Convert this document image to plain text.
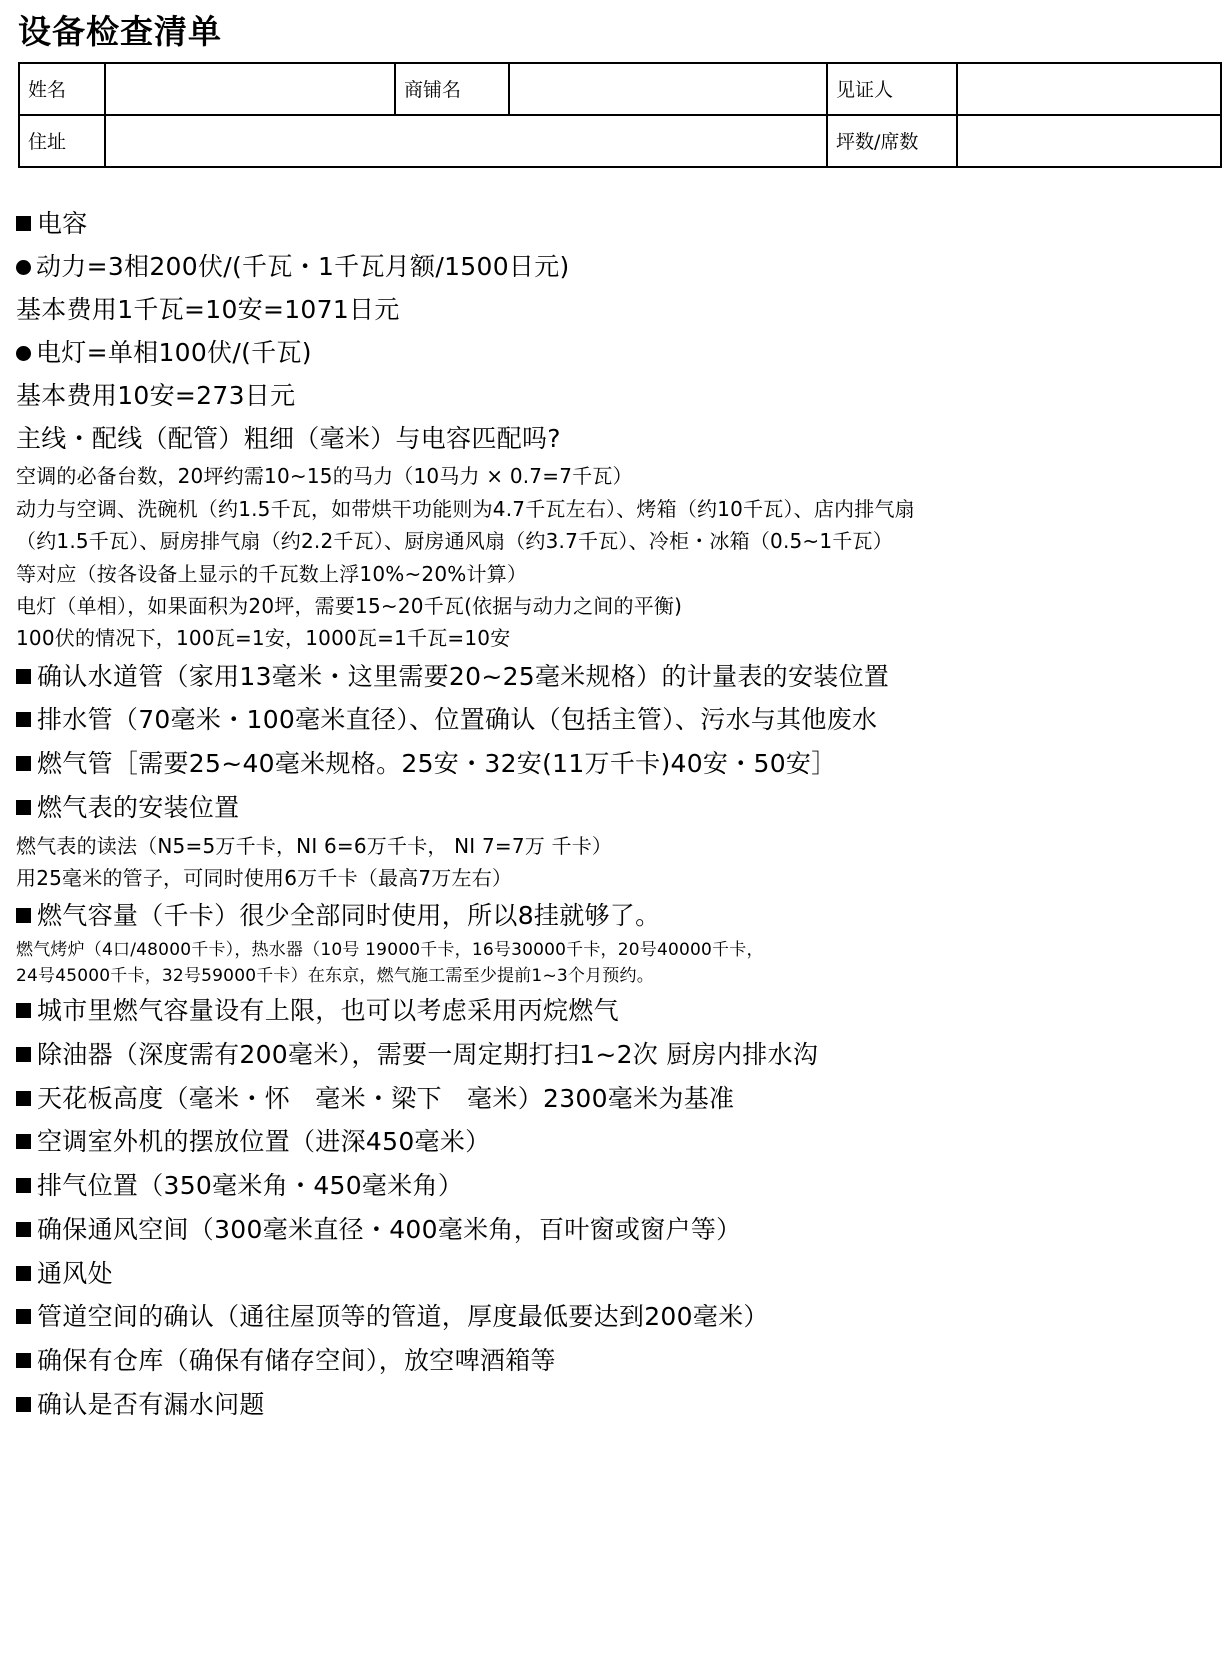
设备检查清单
姓名		商铺名		见证人	
住址				坪数/席数	
电容
动力=3相200伏/(千瓦・1千瓦月额/1500日元)
基本费用1千瓦=10安=1071日元
电灯=单相100伏/(千瓦)
基本费用10安=273日元
主线・配线（配管）粗细（毫米）与电容匹配吗?
空调的必备台数，20坪约需10~15的马力（10马力 × 0.7=7千瓦）
动力与空调、洗碗机（约1.5千瓦，如带烘干功能则为4.7千瓦左右）、烤箱（约10千瓦）、店内排气扇
（约1.5千瓦）、厨房排气扇（约2.2千瓦）、厨房通风扇（约3.7千瓦）、冷柜・冰箱（0.5~1千瓦）
等对应（按各设备上显示的千瓦数上浮10%~20%计算）
电灯（单相），如果面积为20坪，需要15~20千瓦(依据与动力之间的平衡)
100伏的情况下，100瓦=1安，1000瓦=1千瓦=10安
确认水道管（家用13毫米・这里需要20~25毫米规格）的计量表的安装位置
排水管（70毫米・100毫米直径）、位置确认（包括主管）、污水与其他废水
燃气管［需要25~40毫米规格。25安・32安(11万千卡)40安・50安］
燃气表的安装位置
燃气表的读法（N5=5万千卡，NI 6=6万千卡， NI 7=7万 千卡）
用25毫米的管子，可同时使用6万千卡（最高7万左右）
燃气容量（千卡）很少全部同时使用，所以8挂就够了。
燃气烤炉（4口/48000千卡），热水器（10号 19000千卡，16号30000千卡，20号40000千卡，
24号45000千卡，32号59000千卡）在东京，燃气施工需至少提前1~3个月预约。
城市里燃气容量设有上限，也可以考虑采用丙烷燃气
除油器（深度需有200毫米），需要一周定期打扫1~2次 厨房内排水沟
天花板高度（毫米・怀　毫米・梁下　毫米）2300毫米为基准
空调室外机的摆放位置（进深450毫米）
排气位置（350毫米角・450毫米角）
确保通风空间（300毫米直径・400毫米角，百叶窗或窗户等）
通风处
管道空间的确认（通往屋顶等的管道，厚度最低要达到200毫米）
确保有仓库（确保有储存空间），放空啤酒箱等
确认是否有漏水问题
